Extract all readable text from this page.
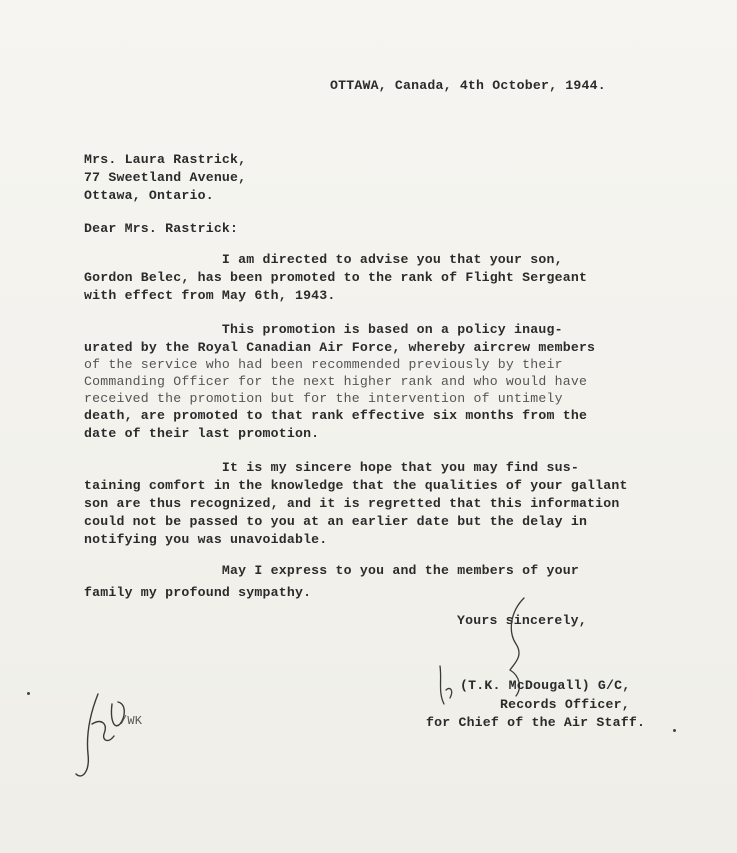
OTTAWA, Canada, 4th October, 1944.
Mrs. Laura Rastrick,
77 Sweetland Avenue,
Ottawa, Ontario.
Dear Mrs. Rastrick:
I am directed to advise you that your son,
Gordon Belec, has been promoted to the rank of Flight Sergeant
with effect from May 6th, 1943.
This promotion is based on a policy inaug-
urated by the Royal Canadian Air Force, whereby aircrew members
of the service who had been recommended previously by their
Commanding Officer for the next higher rank and who would have
received the promotion but for the intervention of untimely
death, are promoted to that rank effective six months from the
date of their last promotion.
It is my sincere hope that you may find sus-
taining comfort in the knowledge that the qualities of your gallant
son are thus recognized, and it is regretted that this information
could not be passed to you at an earlier date but the delay in
notifying you was unavoidable.
May I express to you and the members of your
family my profound sympathy.
Yours sincerely,
(T.K. McDougall) G/C,
Records Officer,
for Chief of the Air Staff.
/WK
